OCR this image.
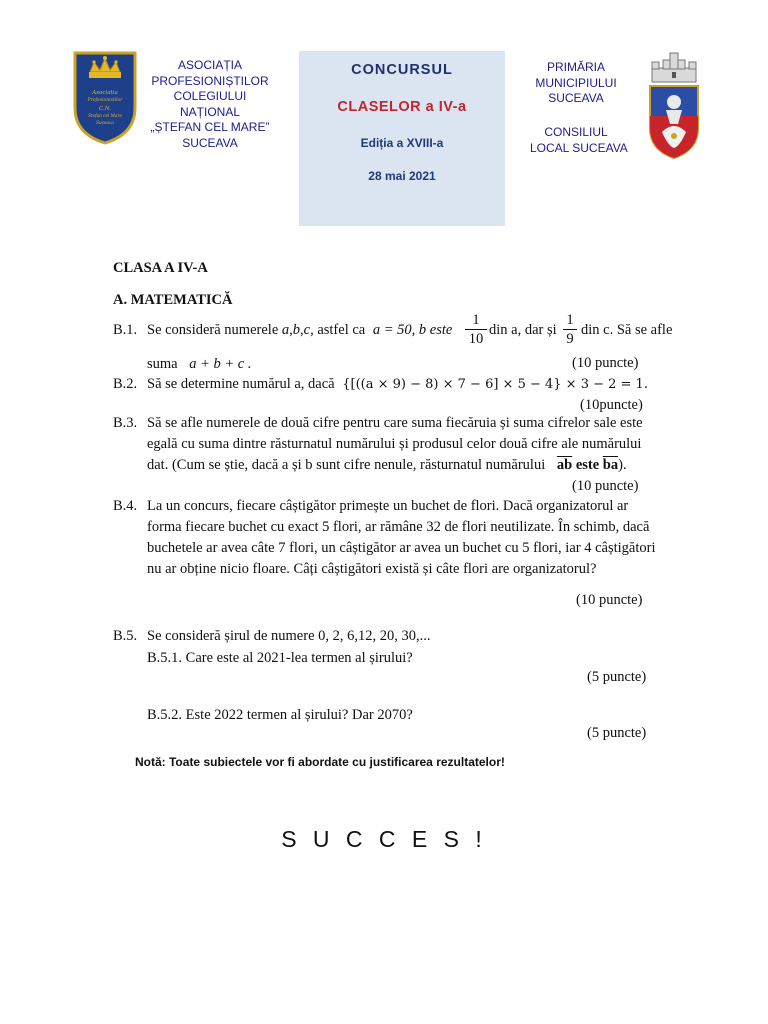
Asociatia
Profesionistilor
C.N.
Stefan cel Mare
Suceava
ASOCIAȚIA
PROFESIONIȘTILOR
COLEGIULUI
NAȚIONAL
„ȘTEFAN CEL MARE”
SUCEAVA
CONCURSUL
CLASELOR a IV-a
Ediția a XVIII-a
28 mai 2021
PRIMĂRIA
MUNICIPIULUI
SUCEAVA
CONSILIUL
LOCAL SUCEAVA
CLASA A IV-A
A. MATEMATICĂ
B.1. Se consideră numerele a,b,c, astfel ca a = 50, b este $\frac{1}{10}$ din a, dar și $\frac{1}{9}$ din c. Să se afle
suma a + b + c .	(10 puncte)
B.2. Să se determine numărul a, dacă {[((a × 9) − 8) × 7 − 6] × 5 − 4} × 3 − 2 = 1.
(10puncte)
B.3. Să se afle numerele de două cifre pentru care suma fiecăruia și suma cifrelor sale este
egală cu suma dintre răsturnatul numărului și produsul celor două cifre ale numărului
dat. (Cum se știe, dacă a și b sunt cifre nenule, răsturnatul numărului $\overline{ab}$ este $\overline{ba}$).
(10 puncte)
B.4. La un concurs, fiecare câștigător primește un buchet de flori. Dacă organizatorul ar
forma fiecare buchet cu exact 5 flori, ar rămâne 32 de flori neutilizate. În schimb, dacă
buchetele ar avea câte 7 flori, un câștigător ar avea un buchet cu 5 flori, iar 4 câștigători
nu ar obține nicio floare. Câți câștigători există și câte flori are organizatorul?
(10 puncte)
B.5. Se consideră șirul de numere 0, 2, 6,12, 20, 30,...
B.5.1. Care este al 2021-lea termen al șirului?
(5 puncte)
B.5.2. Este 2022 termen al șirului? Dar 2070?
(5 puncte)
Notă: Toate subiectele vor fi abordate cu justificarea rezultatelor!
S U C C E S !
